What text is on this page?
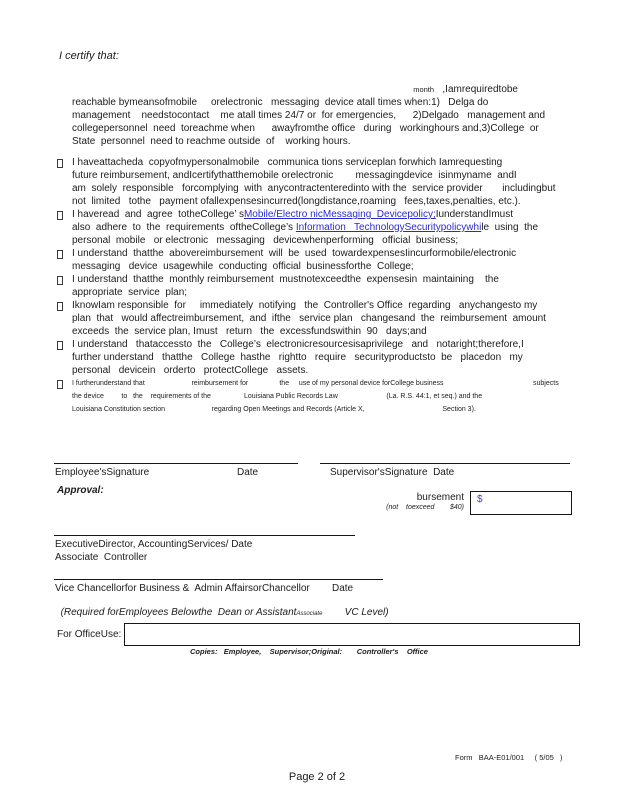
I certify that:
month   ,Iamrequiredtobe
reachable bymeansofmobile     orelectronic   messaging  device atall times when:1)   Delga do
management    needstocontact    me atall times 24/7 or  for emergencies,      2)Delgado   management and
collegepersonnel  need  toreachme when      awayfromthe office   during   workinghours and,3)College  or
State  personnel  need to reachme outside  of    working hours.
I haveattacheda  copyofmypersonalmobile   communica tions serviceplan forwhich Iamrequesting
future reimbursement, andIcertifythatthemobile orelectronic        messagingdevice  isinmyname  andI
am  solely  responsible   forcomplying  with  anycontractenteredinto with the  service provider       includingbut
not  limited   tothe   payment ofallexpensesincurred(longdistance,roaming   fees,taxes,penalties, etc.).
I haveread  and  agree  totheCollege’ sMobile/Electro nicMessaging  Devicepolicy;IunderstandImust
also  adhere  to  the  requirements  oftheCollege’s Information   TechnologySecuritypolicywhile  using  the
personal  mobile   or electronic   messaging   devicewhenperforming   official  business;
I understand  thatthe  abovereimbursement  will  be  used  towardexpensesIincurformobile/electronic
messaging   device  usagewhile  conducting  official  businessforthe  College;
I understand  thatthe  monthly reimbursement  mustnotexceedthe  expensesin  maintaining    the
appropriate  service  plan;
IknowIam responsible  for     immediately  notifying   the  Controller's Office  regarding   anychangesto my
plan  that   would affectreimbursement,  and  ifthe   service plan   changesand  the  reimbursement  amount
exceeds  the  service plan, Imust   return   the  excessfundswithin  90   days;and
I understand   thataccessto  the   College’s  electronicresourcesisaprivilege   and   notaright;therefore,I
further understand   thatthe   College  hasthe   rightto   require   securityproductsto  be   placedon   my
personal   devicein   orderto   protectCollege   assets.
I furtherunderstand that                        reimbursement for                the     use of my personal device forCollege business                                              subjects
the device         to   the    requirements of the                 Louisiana Public Records Law                         (La. R.S. 44:1, et seq.) and the
Louisiana Constitution section                        regarding Open Meetings and Records (Article X,                                        Section 3).
Employee'sSignature	Date	Supervisor'sSignature  Date
Approval:
bursement
(not    toexceed        $40)
$
ExecutiveDirector, AccountingServices/ Date
Associate  Controller
Vice Chancellorfor Business &  Admin AffairsorChancellor        Date

(Required forEmployees Belowthe  Dean or AssistantAssociate        VC Level)

For OfficeUse:
Copies:   Employee,    Supervisor;Original:       Controller's    Office
Form   BAA-E01/001     ( 5/05   )
Page 2 of 2
